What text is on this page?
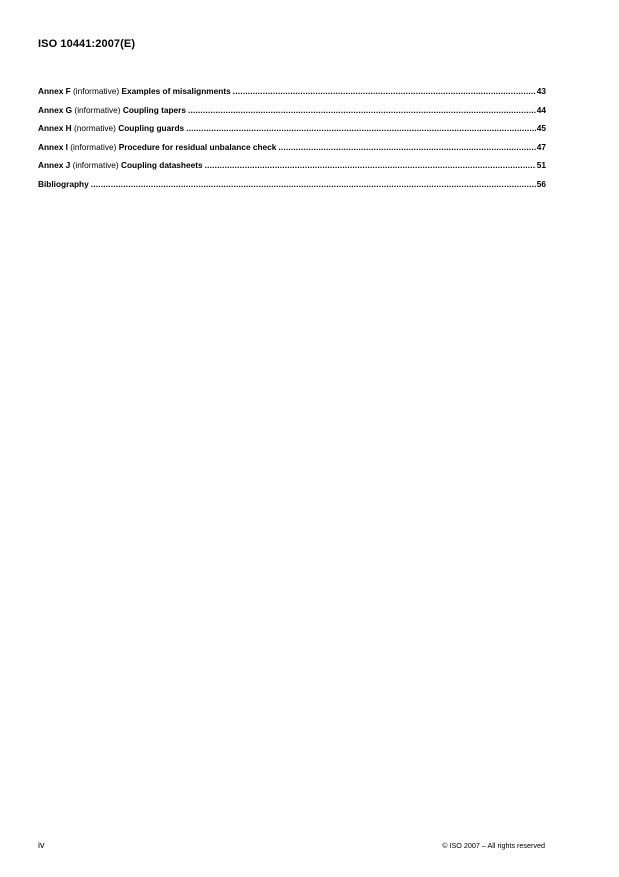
ISO 10441:2007(E)
Annex F (informative) Examples of misalignments .....	43
Annex G (informative) Coupling tapers .....	44
Annex H (normative) Coupling guards .....	45
Annex I (informative) Procedure for residual unbalance check .....	47
Annex J (informative) Coupling datasheets .....	51
Bibliography .....	56
iv	© ISO 2007 – All rights reserved
